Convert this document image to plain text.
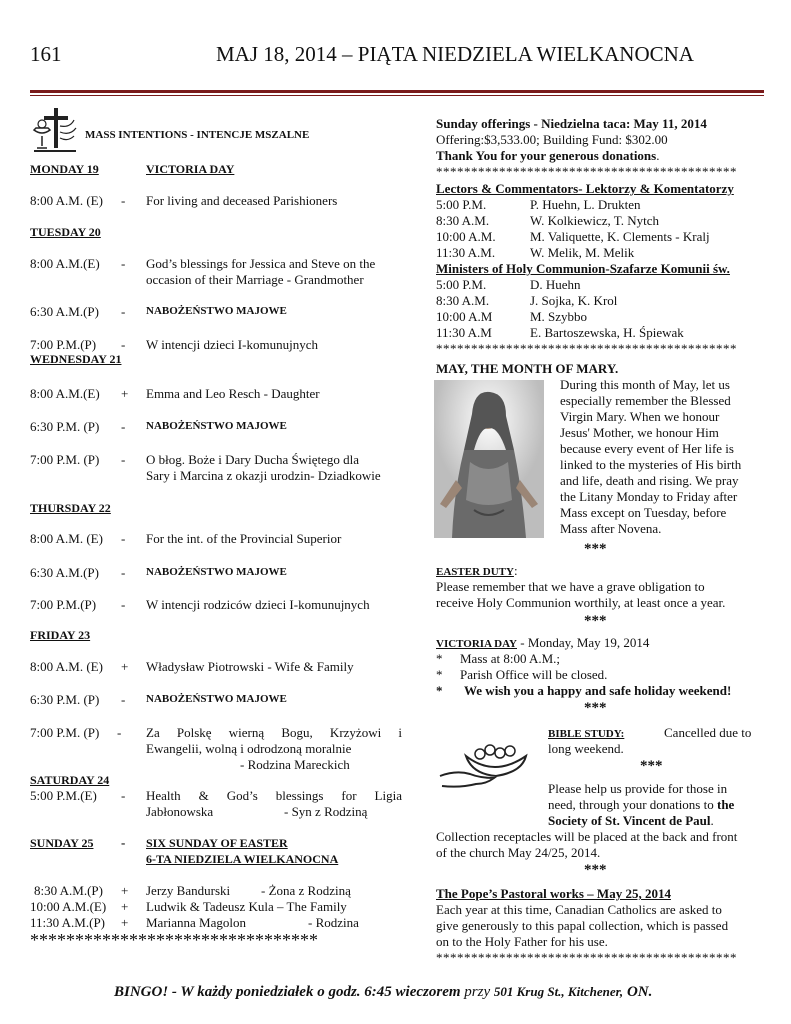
161	MAJ 18, 2014 – PIĄTA NIEDZIELA WIELKANOCNA
MASS INTENTIONS - INTENCJE MSZALNE
MONDAY 19	VICTORIA DAY
8:00 A.M. (E) - For living and deceased Parishioners
TUESDAY 20
8:00 A.M.(E) - God’s blessings for Jessica and Steve on the
occasion of their Marriage - Grandmother
6:30 A.M.(P) - NABOŻEŃSTWO MAJOWE
7:00 P.M.(P) - W intencji dzieci I-komunujnych
WEDNESDAY 21
8:00 A.M.(E) + Emma and Leo Resch - Daughter
6:30 P.M. (P) - NABOŻEŃSTWO MAJOWE
7:00 P.M. (P) - O błog. Boże i Dary Ducha Świętego dla
Sary i Marcina z okazji urodzin- Dziadkowie
THURSDAY 22
8:00 A.M. (E) - For the int. of the Provincial Superior
6:30 A.M.(P) - NABOŻEŃSTWO MAJOWE
7:00 P.M.(P) - W intencji rodziców dzieci I-komunujnych
FRIDAY 23
8:00 A.M. (E) + Władysław Piotrowski - Wife & Family
6:30 P.M. (P) - NABOŻEŃSTWO MAJOWE
7:00 P.M. (P) - Za Polskę wierną Bogu, Krzyżowi i
Ewangelii, wolną i odrodzoną moralnie
- Rodzina Mareckich
SATURDAY 24
5:00 P.M.(E) - Health & God’s blessings for Ligia
Jabłonowska	- Syn z Rodziną
SUNDAY 25 - SIX SUNDAY OF EASTER
6-TA NIEDZIELA WIELKANOCNA
8:30 A.M.(P) + Jerzy Bandurski - Żona z Rodziną
10:00 A.M.(E) + Ludwik & Tadeusz Kula – The Family
11:30 A.M.(P) + Marianna Magolon	- Rodzina
********************************
Sunday offerings - Niedzielna taca: May 11, 2014
Offering:$3,533.00; Building Fund: $302.00
Thank You for your generous donations.
*******************************************
Lectors & Commentators- Lektorzy & Komentatorzy
5:00 P.M.	P. Huehn, L. Drukten
8:30 A.M.	W. Kolkiewicz, T. Nytch
10:00 A.M.	M. Valiquette, K. Clements - Kralj
11:30 A.M.	W. Melik, M. Melik
Ministers of Holy Communion-Szafarze Komunii św.
5:00 P.M.	D. Huehn
8:30 A.M.	J. Sojka, K. Krol
10:00 A.M	M. Szybbo
11:30 A.M	E. Bartoszewska, H. Śpiewak
*******************************************
MAY, THE MONTH OF MARY.
During this month of May, let us
especially remember the Blessed
Virgin Mary. When we honour
Jesus' Mother, we honour Him
because every event of Her life is
linked to the mysteries of His birth
and life, death and rising. We pray
the Litany Monday to Friday after
Mass except on Tuesday, before
Mass after Novena.
***
EASTER DUTY:
Please remember that we have a grave obligation to
receive Holy Communion worthily, at least once a year.
***
VICTORIA DAY - Monday, May 19, 2014
* Mass at 8:00 A.M.;
* Parish Office will be closed.
* We wish you a happy and safe holiday weekend!
***
BIBLE STUDY:	Cancelled due to
long weekend.
***
Please help us provide for those in
need, through your donations to the
Society of St. Vincent de Paul.
Collection receptacles will be placed at the back and front
of the church May 24/25, 2014.
***
The Pope’s Pastoral works – May 25, 2014
Each year at this time, Canadian Catholics are asked to
give generously to this papal collection, which is passed
on to the Holy Father for his use.
*******************************************
BINGO! - W każdy poniedziałek o godz. 6:45 wieczorem przy 501 Krug St., Kitchener, ON.
